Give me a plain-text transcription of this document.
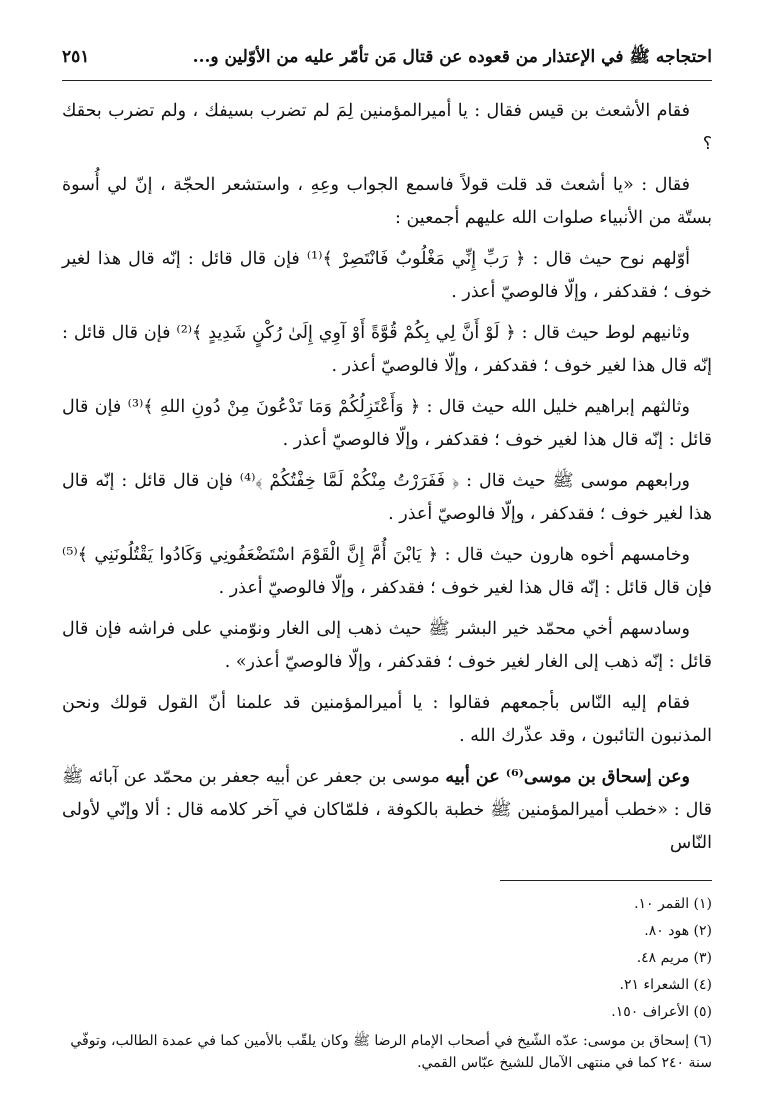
احتجاجه ﷺ في الإعتذار من قعوده عن قتال مَن تأمّر عليه من الأوّلين و...
٢٥١

فقام الأشعث بن قيس فقال : يا أميرالمؤمنين لِمَ لم تضرب بسيفك ، ولم تضرب بحقك ؟

فقال : «يا أشعث قد قلت قولاً فاسمع الجواب وعِهِ ، واستشعر الحجّة ، إنّ لي أُسوة بستّة من الأنبياء صلوات الله عليهم أجمعين :

أوّلهم نوح حيث قال : ﴿ رَبِّ إِنِّي مَغْلُوبٌ فَانْتَصِرْ ﴾⁽¹⁾ فإن قال قائل : إنّه قال هذا لغير خوف ؛ فقدكفر ، وإلّا فالوصيّ أعذر .

وثانيهم لوط حيث قال : ﴿ لَوْ أَنَّ لِي بِكُمْ قُوَّةً أَوْ آوِي إِلَىٰ رُكْنٍ شَدِيدٍ ﴾⁽²⁾ فإن قال قائل : إنّه قال هذا لغير خوف ؛ فقدكفر ، وإلّا فالوصيّ أعذر .

وثالثهم إبراهيم خليل الله حيث قال : ﴿ وَأَعْتَزِلُكُمْ وَمَا تَدْعُونَ مِنْ دُونِ اللهِ ﴾⁽³⁾ فإن قال قائل : إنّه قال هذا لغير خوف ؛ فقدكفر ، وإلّا فالوصيّ أعذر .

ورابعهم موسى ﷺ حيث قال : ﴿ فَفَرَرْتُ مِنْكُمْ لَمَّا خِفْتُكُمْ ﴾⁽⁴⁾ فإن قال قائل : إنّه قال هذا لغير خوف ؛ فقدكفر ، وإلّا فالوصيّ أعذر .

وخامسهم أخوه هارون حيث قال : ﴿ يَابْنَ أُمَّ إِنَّ الْقَوْمَ اسْتَضْعَفُونِي وَكَادُوا يَقْتُلُونَنِي ﴾⁽⁵⁾ فإن قال قائل : إنّه قال هذا لغير خوف ؛ فقدكفر ، وإلّا فالوصيّ أعذر .

وسادسهم أخي محمّد خير البشر ﷺ حيث ذهب إلى الغار ونوّمني على فراشه فإن قال قائل : إنّه ذهب إلى الغار لغير خوف ؛ فقدكفر ، وإلّا فالوصيّ أعذر» .

فقام إليه النّاس بأجمعهم فقالوا : يا أميرالمؤمنين قد علمنا أنّ القول قولك ونحن المذنبون التائبون ، وقد عذّرك الله .

وعن إسحاق بن موسى⁽⁶⁾ عن أبيه موسى بن جعفر عن أبيه جعفر بن محمّد عن آبائه ﷺ قال : «خطب أميرالمؤمنين ﷺ خطبة بالكوفة ، فلمّاكان في آخر كلامه قال : ألا وإنّي لأولى النّاس

(١) القمر ١٠.

(٢) هود ٨٠.

(٣) مريم ٤٨.

(٤) الشعراء ٢١.

(٥) الأعراف ١٥٠.

(٦) إسحاق بن موسى: عدّه الشّيخ في أصحاب الإمام الرضا ﷺ وكان يلقّب بالأمين كما في عمدة الطالب، وتوفّي سنة ٢٤٠ كما في منتهى الآمال للشيخ عبّاس القمي.
